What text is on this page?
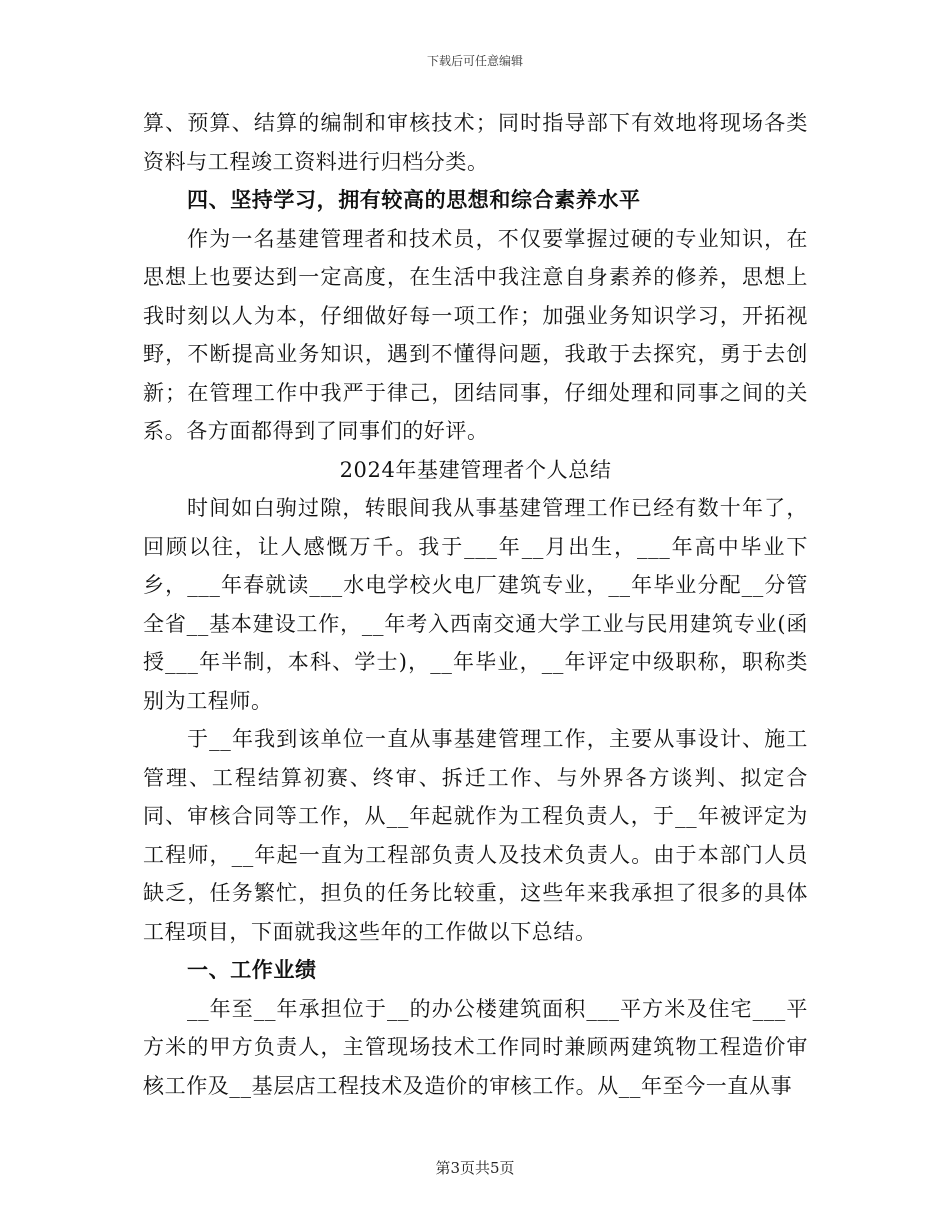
下载后可任意编辑

算、预算、结算的编制和审核技术；同时指导部下有效地将现场各类资料与工程竣工资料进行归档分类。

四、坚持学习，拥有较高的思想和综合素养水平

作为一名基建管理者和技术员，不仅要掌握过硬的专业知识，在思想上也要达到一定高度，在生活中我注意自身素养的修养，思想上我时刻以人为本，仔细做好每一项工作；加强业务知识学习，开拓视野，不断提高业务知识，遇到不懂得问题，我敢于去探究，勇于去创新；在管理工作中我严于律己，团结同事，仔细处理和同事之间的关系。各方面都得到了同事们的好评。

2024年基建管理者个人总结

时间如白驹过隙，转眼间我从事基建管理工作已经有数十年了，回顾以往，让人感慨万千。我于___年__月出生，___年高中毕业下乡，___年春就读___水电学校火电厂建筑专业，__年毕业分配__分管全省__基本建设工作，__年考入西南交通大学工业与民用建筑专业(函授___年半制，本科、学士)，__年毕业，__年评定中级职称，职称类别为工程师。

于__年我到该单位一直从事基建管理工作，主要从事设计、施工管理、工程结算初赛、终审、拆迁工作、与外界各方谈判、拟定合同、审核合同等工作，从__年起就作为工程负责人，于__年被评定为工程师，__年起一直为工程部负责人及技术负责人。由于本部门人员缺乏，任务繁忙，担负的任务比较重，这些年来我承担了很多的具体工程项目，下面就我这些年的工作做以下总结。

一、工作业绩

__年至__年承担位于__的办公楼建筑面积___平方米及住宅___平方米的甲方负责人，主管现场技术工作同时兼顾两建筑物工程造价审核工作及__基层店工程技术及造价的审核工作。从__年至今一直从事

第3页共5页
